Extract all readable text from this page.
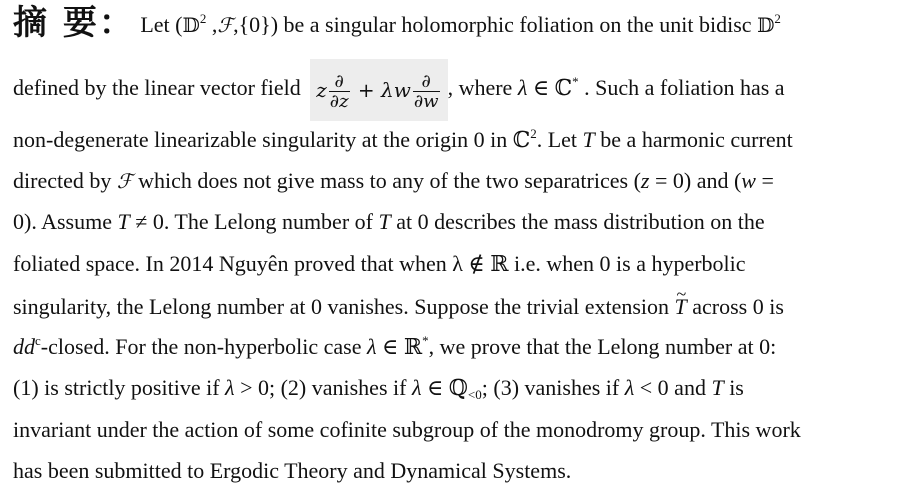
摘 要： Let (𝔻$^2$ ,ℱ,{0}) be a singular holomorphic foliation on the unit bidisc 𝔻$^2$
defined by the linear vector field z $\frac{\partial}{\partial z} + \lambda w \frac{\partial}{\partial w}$ , where λ ∈ ℂ* . Such a foliation has a
non-degenerate linearizable singularity at the origin 0 in ℂ$^2$. Let T be a harmonic current
directed by ℱ which does not give mass to any of the two separatrices (z = 0) and (w =
0). Assume T ≠ 0. The Lelong number of T at 0 describes the mass distribution on the
foliated space. In 2014 Nguyên proved that when λ ∉ ℝ i.e. when 0 is a hyperbolic
singularity, the Lelong number at 0 vanishes. Suppose the trivial extension ~ T across 0 is
$dd^c$-closed. For the non-hyperbolic case λ ∈ ℝ*, we prove that the Lelong number at 0:
(1) is strictly positive if λ > 0; (2) vanishes if λ ∈ ℚ$_{<0}$; (3) vanishes if λ < 0 and T is
invariant under the action of some cofinite subgroup of the monodromy group. This work
has been submitted to Ergodic Theory and Dynamical Systems.
